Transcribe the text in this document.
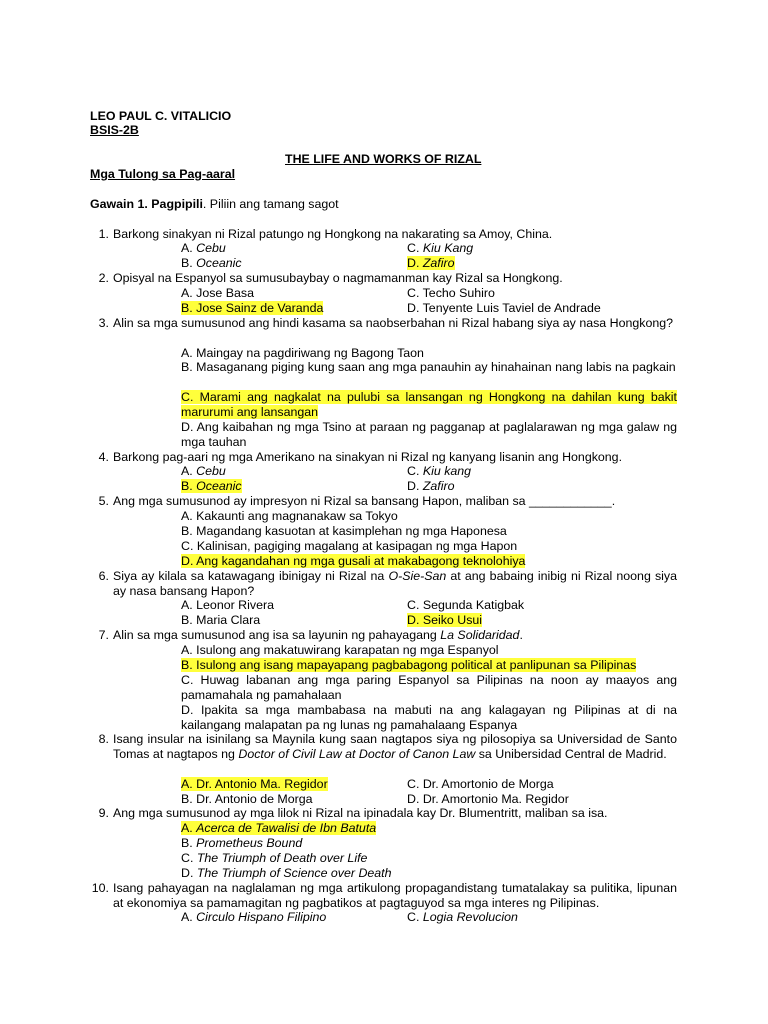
LEO PAUL C. VITALICIO
BSIS-2B
THE LIFE AND WORKS OF RIZAL
Mga Tulong sa Pag-aaral
Gawain 1. Pagpipili. Piliin ang tamang sagot
1. Barkong sinakyan ni Rizal patungo ng Hongkong na nakarating sa Amoy, China.
A. Cebu	C. Kiu Kang
B. Oceanic	D. Zafiro
2. Opisyal na Espanyol sa sumusubaybay o nagmamanman kay Rizal sa Hongkong.
A. Jose Basa	C. Techo Suhiro
B. Jose Sainz de Varanda	D. Tenyente Luis Taviel de Andrade
3. Alin sa mga sumusunod ang hindi kasama sa naobserbahan ni Rizal habang siya ay nasa Hongkong?
A. Maingay na pagdiriwang ng Bagong Taon
B. Masaganang piging kung saan ang mga panauhin ay hinahainan nang labis na pagkain
C. Marami ang nagkalat na pulubi sa lansangan ng Hongkong na dahilan kung bakit marurumi ang lansangan
D. Ang kaibahan ng mga Tsino at paraan ng pagganap at paglalarawan ng mga galaw ng mga tauhan
4. Barkong pag-aari ng mga Amerikano na sinakyan ni Rizal ng kanyang lisanin ang Hongkong.
A. Cebu	C. Kiu kang
B. Oceanic	D. Zafiro
5. Ang mga sumusunod ay impresyon ni Rizal sa bansang Hapon, maliban sa ____________.
A. Kakaunti ang magnanakaw sa Tokyo
B. Magandang kasuotan at kasimplehan ng mga Haponesa
C. Kalinisan, pagiging magalang at kasipagan ng mga Hapon
D. Ang kagandahan ng mga gusali at makabagong teknolohiya
6. Siya ay kilala sa katawagang ibinigay ni Rizal na O-Sie-San at ang babaing inibig ni Rizal noong siya ay nasa bansang Hapon?
A. Leonor Rivera	C. Segunda Katigbak
B. Maria Clara	D. Seiko Usui
7. Alin sa mga sumusunod ang isa sa layunin ng pahayagang La Solidaridad.
A. Isulong ang makatuwirang karapatan ng mga Espanyol
B. Isulong ang isang mapayapang pagbabagong political at panlipunan sa Pilipinas
C. Huwag labanan ang mga paring Espanyol sa Pilipinas na noon ay maayos ang pamamahala ng pamahalaan
D. Ipakita sa mga mambabasa na mabuti na ang kalagayan ng Pilipinas at di na kailangang malapatan pa ng lunas ng pamahalaang Espanya
8. Isang insular na isinilang sa Maynila kung saan nagtapos siya ng pilosopiya sa Universidad de Santo Tomas at nagtapos ng Doctor of Civil Law at Doctor of Canon Law sa Unibersidad Central de Madrid.
A. Dr. Antonio Ma. Regidor	C. Dr. Amortonio de Morga
B. Dr. Antonio de Morga	D. Dr. Amortonio Ma. Regidor
9. Ang mga sumusunod ay mga lilok ni Rizal na ipinadala kay Dr. Blumentritt, maliban sa isa.
A. Acerca de Tawalisi de Ibn Batuta
B. Prometheus Bound
C. The Triumph of Death over Life
D. The Triumph of Science over Death
10. Isang pahayagan na naglalaman ng mga artikulong propagandistang tumatalakay sa pulitika, lipunan at ekonomiya sa pamamagitan ng pagbatikos at pagtaguyod sa mga interes ng Pilipinas.
A. Circulo Hispano Filipino	C. Logia Revolucion
